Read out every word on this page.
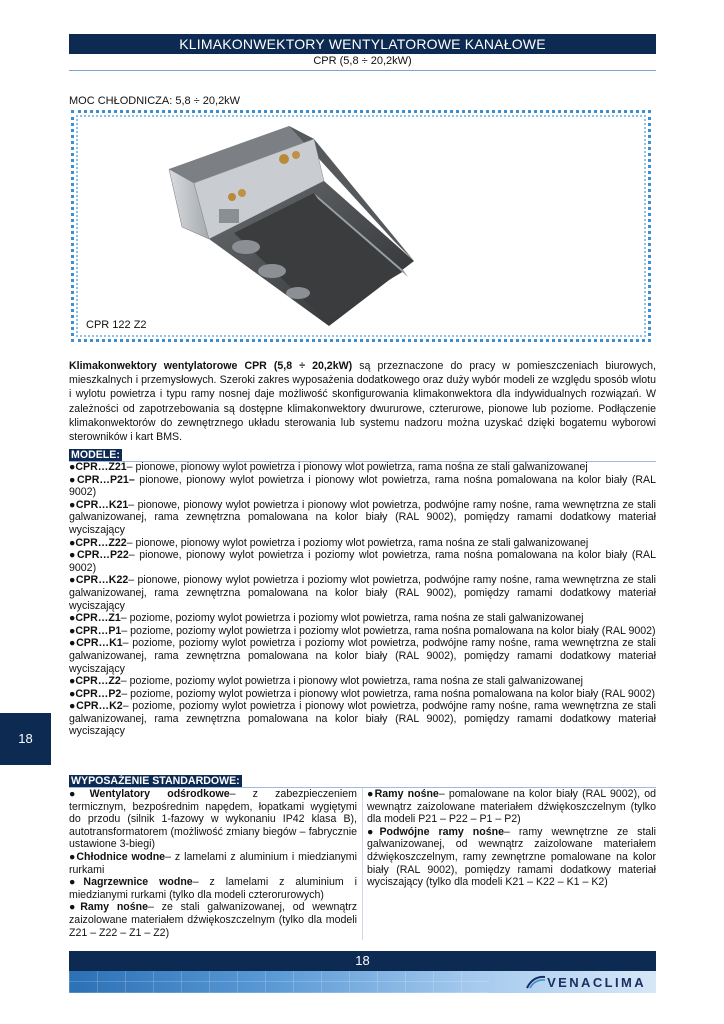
KLIMAKONWEKTORY WENTYLATOROWE KANAŁOWE
CPR (5,8 ÷ 20,2kW)
MOC CHŁODNICZA: 5,8 ÷ 20,2kW
CPR 122 Z2
Klimakonwektory wentylatorowe CPR (5,8 ÷ 20,2kW) są przeznaczone do pracy w pomieszczeniach biurowych, mieszkalnych i przemysłowych. Szeroki zakres wyposażenia dodatkowego oraz duży wybór modeli ze względu sposób wlotu i wylotu powietrza i typu ramy nosnej daje możliwość skonfigurowania klimakonwektora dla indywidualnych rozwiązań. W zależności od zapotrzebowania są dostępne klimakonwektory dwururowe, czterurowe, pionowe lub poziome. Podłączenie klimakonwektorów do zewnętrznego układu sterowania lub systemu nadzoru można uzyskać dzięki bogatemu wyborowi sterowników i kart BMS.
MODELE:

●CPR…Z21– pionowe, pionowy wylot powietrza i pionowy wlot powietrza, rama nośna ze stali galwanizowanej

●CPR…P21– pionowe, pionowy wylot powietrza i pionowy wlot powietrza, rama nośna pomalowana na kolor biały (RAL 9002)

●CPR…K21– pionowe, pionowy wylot powietrza i pionowy wlot powietrza, podwójne ramy nośne, rama wewnętrzna ze stali galwanizowanej, rama zewnętrzna pomalowana na kolor biały (RAL 9002), pomiędzy ramami dodatkowy materiał wyciszający

●CPR…Z22– pionowe, pionowy wylot powietrza i poziomy wlot powietrza, rama nośna ze stali galwanizowanej

●CPR…P22– pionowe, pionowy wylot powietrza i poziomy wlot powietrza, rama nośna pomalowana na kolor biały (RAL 9002)

●CPR…K22– pionowe, pionowy wylot powietrza i poziomy wlot powietrza, podwójne ramy nośne, rama wewnętrzna ze stali galwanizowanej, rama zewnętrzna pomalowana na kolor biały (RAL 9002), pomiędzy ramami dodatkowy materiał wyciszający

●CPR…Z1– poziome, poziomy wylot powietrza i poziomy wlot powietrza, rama nośna ze stali galwanizowanej

●CPR…P1– poziome, poziomy wylot powietrza i poziomy wlot powietrza, rama nośna pomalowana na kolor biały (RAL 9002)

●CPR…K1– poziome, poziomy wylot powietrza i poziomy wlot powietrza, podwójne ramy nośne, rama wewnętrzna ze stali galwanizowanej, rama zewnętrzna pomalowana na kolor biały (RAL 9002), pomiędzy ramami dodatkowy materiał wyciszający

●CPR…Z2– poziome, poziomy wylot powietrza i pionowy wlot powietrza, rama nośna ze stali galwanizowanej

●CPR…P2– poziome, poziomy wylot powietrza i pionowy wlot powietrza, rama nośna pomalowana na kolor biały (RAL 9002)

●CPR…K2– poziome, poziomy wylot powietrza i pionowy wlot powietrza, podwójne ramy nośne, rama wewnętrzna ze stali galwanizowanej, rama zewnętrzna pomalowana na kolor biały (RAL 9002), pomiędzy ramami dodatkowy materiał wyciszający

WYPOSAŻENIE STANDARDOWE:

●Wentylatory odśrodkowe– z zabezpieczeniem termicznym, bezpośrednim napędem, łopatkami wygiętymi do przodu (silnik 1-fazowy w wykonaniu IP42 klasa B), autotransformatorem (możliwość zmiany biegów – fabrycznie ustawione 3-biegi)

●Chłodnice wodne– z lamelami z aluminium i miedzianymi rurkami

●Nagrzewnice wodne– z lamelami z aluminium i miedzianymi rurkami (tylko dla modeli czterorurowych)

●Ramy nośne– ze stali galwanizowanej, od wewnątrz zaizolowane materiałem dźwiękoszczelnym (tylko dla modeli Z21 – Z22 – Z1 – Z2)

●Ramy nośne– pomalowane na kolor biały (RAL 9002), od wewnątrz zaizolowane materiałem dźwiękoszczelnym (tylko dla modeli P21 – P22 – P1 – P2)

●Podwójne ramy nośne– ramy wewnętrzne ze stali galwanizowanej, od wewnątrz zaizolowane materiałem dźwiękoszczelnym, ramy zewnętrzne pomalowane na kolor biały (RAL 9002), pomiędzy ramami dodatkowy materiał wyciszający (tylko dla modeli K21 – K22 – K1 – K2)

18
18
VENACLIMA
